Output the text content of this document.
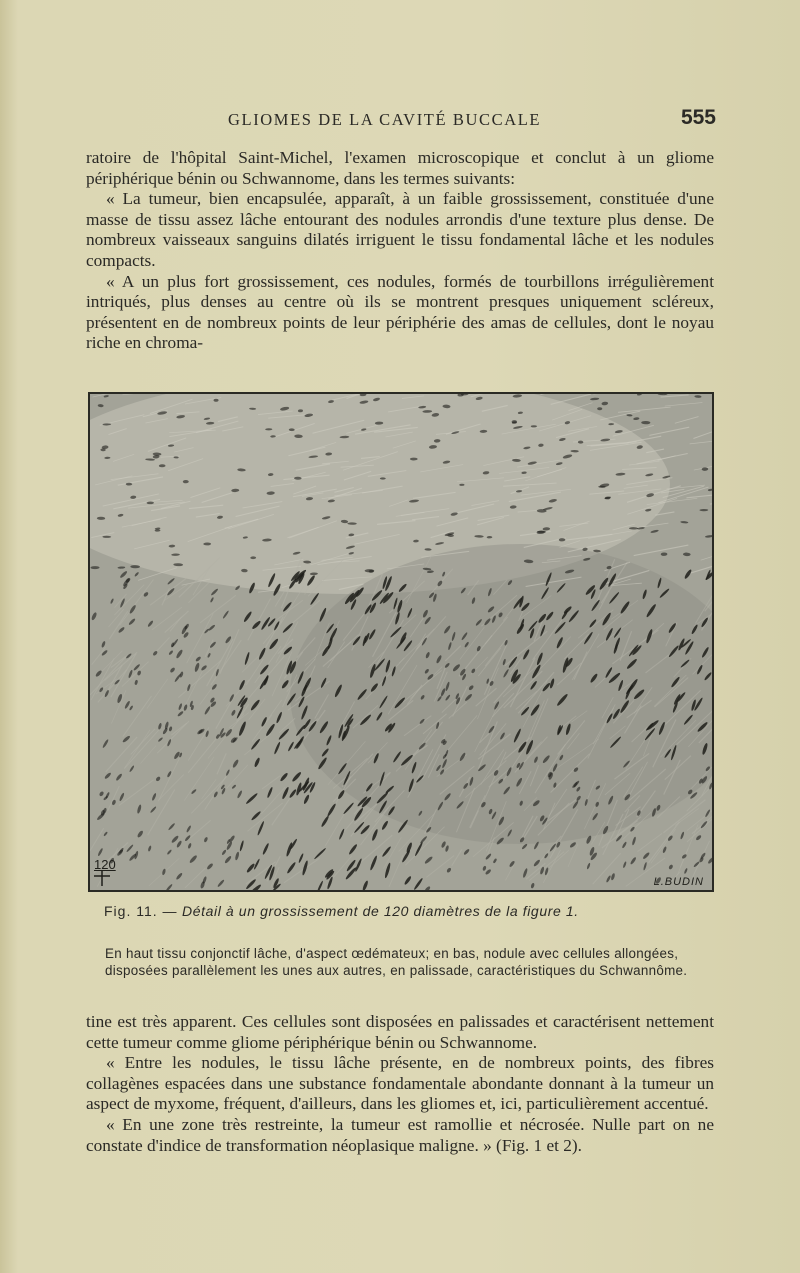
GLIOMES DE LA CAVITÉ BUCCALE	555

ratoire de l'hôpital Saint-Michel, l'examen microscopique et conclut à un gliome périphérique bénin ou Schwannome, dans les termes suivants:

« La tumeur, bien encapsulée, apparaît, à un faible grossissement, constituée d'une masse de tissu assez lâche entourant des nodules arrondis d'une texture plus dense. De nombreux vaisseaux sanguins dilatés irriguent le tissu fondamental lâche et les nodules compacts.

« A un plus fort grossissement, ces nodules, formés de tourbillons irrégulièrement intriqués, plus denses au centre où ils se montrent presques uniquement scléreux, présentent en de nombreux points de leur périphérie des amas de cellules, dont le noyau riche en chroma-

120
L.BUDIN
Fig. 11. — Détail à un grossissement de 120 diamètres de la figure 1.
En haut tissu conjonctif lâche, d'aspect œdémateux; en bas, nodule avec cellules allongées, disposées parallèlement les unes aux autres, en palissade, caractéristiques du Schwannôme.

tine est très apparent. Ces cellules sont disposées en palissades et caractérisent nettement cette tumeur comme gliome périphérique bénin ou Schwannome.

« Entre les nodules, le tissu lâche présente, en de nombreux points, des fibres collagènes espacées dans une substance fondamentale abondante donnant à la tumeur un aspect de myxome, fréquent, d'ailleurs, dans les gliomes et, ici, particulièrement accentué.

« En une zone très restreinte, la tumeur est ramollie et nécrosée. Nulle part on ne constate d'indice de transformation néoplasique maligne. » (Fig. 1 et 2).
